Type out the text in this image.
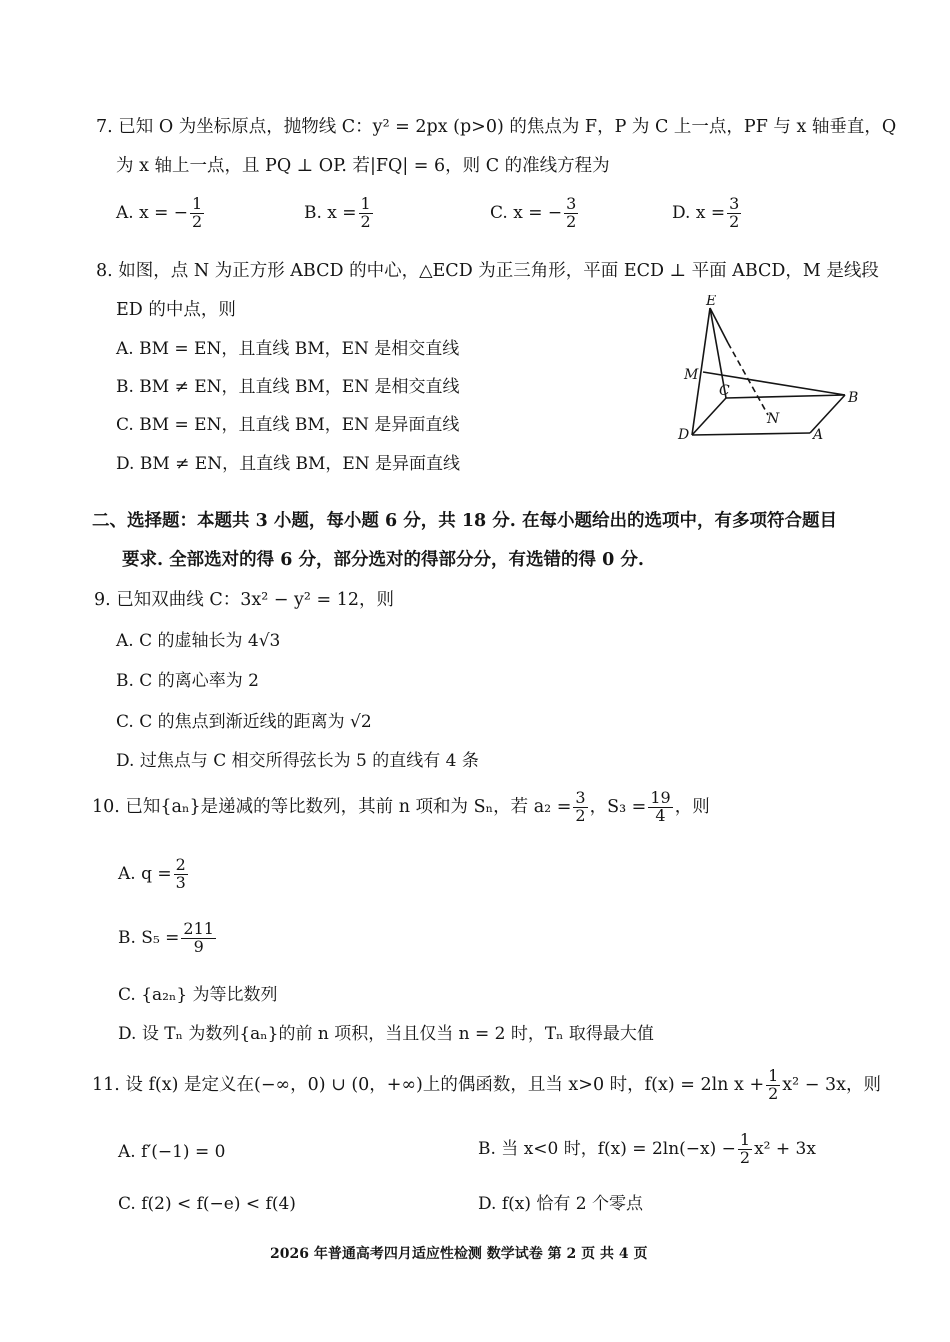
7. 已知 O 为坐标原点，抛物线 C：y² = 2px (p>0) 的焦点为 F，P 为 C 上一点，PF 与 x 轴垂直，Q
为 x 轴上一点，且 PQ ⊥ OP. 若|FQ| = 6，则 C 的准线方程为
A. x = − $\frac{1}{2}$	B. $x = \frac{1}{2}$	C. x = − $\frac{3}{2}$	D. $x = \frac{3}{2}$
8. 如图，点 N 为正方形 ABCD 的中心，△ECD 为正三角形，平面 ECD ⊥ 平面 ABCD，M 是线段
ED 的中点，则
A. BM = EN，且直线 BM，EN 是相交直线
B. BM ≠ EN，且直线 BM，EN 是相交直线
C. BM = EN，且直线 BM，EN 是异面直线
D. BM ≠ EN，且直线 BM，EN 是异面直线
E
M
C
N
B
D	A
二、选择题：本题共 3 小题，每小题 6 分，共 18 分. 在每小题给出的选项中，有多项符合题目
要求. 全部选对的得 6 分，部分选对的得部分分，有选错的得 0 分.
9. 已知双曲线 C：3x² − y² = 12，则
A. C 的虚轴长为 4√3
B. C 的离心率为 2
C. C 的焦点到渐近线的距离为 √2
D. 过焦点与 C 相交所得弦长为 5 的直线有 4 条
10. 已知{aₙ}是递减的等比数列，其前 n 项和为 Sₙ，若 $a_2 = \frac{3}{2}$ ，$S_3 = \frac{19}{4}$ ，则
A. $q = \frac{2}{3}$
B. $S_5 = \frac{211}{9}$
C. {a₂ₙ} 为等比数列
D. 设 Tₙ 为数列{aₙ}的前 n 项积，当且仅当 n = 2 时，Tₙ 取得最大值
11. 设 f(x) 是定义在(−∞，0) ∪ (0，+∞)上的偶函数，且当 x>0 时，f(x) = 2ln $x + \frac{1}{2} x^2 - 3x$，则
A. f′(−1) = 0	B. 当 x<0 时，$f(x) = 2\ln(-x) - \frac{1}{2} x^2 + 3x$
C. f(2) < f(−e) < f(4)	D. f(x) 恰有 2 个零点
2026 年普通高考四月适应性检测 数学试卷 第 2 页 共 4 页
